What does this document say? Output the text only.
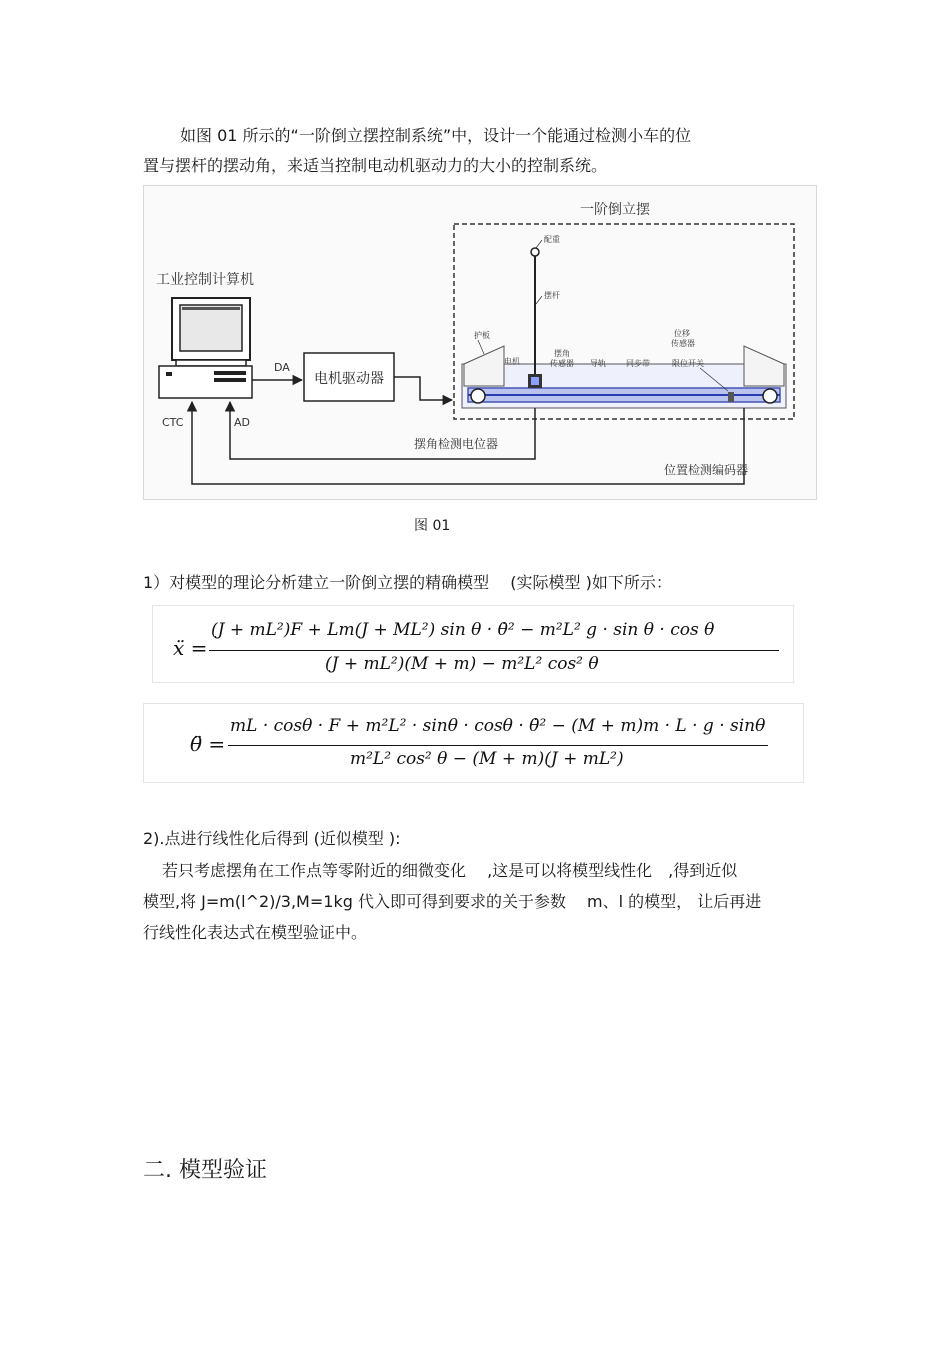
如图 01 所示的“一阶倒立摆控制系统”中，设计一个能通过检测小车的位
置与摆杆的摆动角，来适当控制电动机驱动力的大小的控制系统。
一阶倒立摆
工业控制计算机
DA
电机驱动器
配重
摆杆
护板
电机
摆角
传感器 导轨	同步带
位移
传感器
限位开关
摆角检测电位器
AD
位置检测编码器
CTC
图 01
1）对模型的理论分析建立一阶倒立摆的精确模型　 (实际模型 )如下所示：
ẍ =
(J + mL²)F + Lm(J + ML²) sin θ · θ̇² − m²L² g · sin θ · cos θ
(J + mL²)(M + m) − m²L² cos² θ
θ̈ =
mL · cosθ · F + m²L² · sinθ · cosθ · θ̇² − (M + m)m · L · g · sinθ
m²L² cos² θ − (M + m)(J + mL²)
2).点进行线性化后得到 (近似模型 ):
若只考虑摆角在工作点等零附近的细微变化　 ,这是可以将模型线性化　,得到近似
模型,将 J=m(l^2)/3,M=1kg 代入即可得到要求的关于参数　 m、l 的模型， 让后再进
行线性化表达式在模型验证中。
二. 模型验证
